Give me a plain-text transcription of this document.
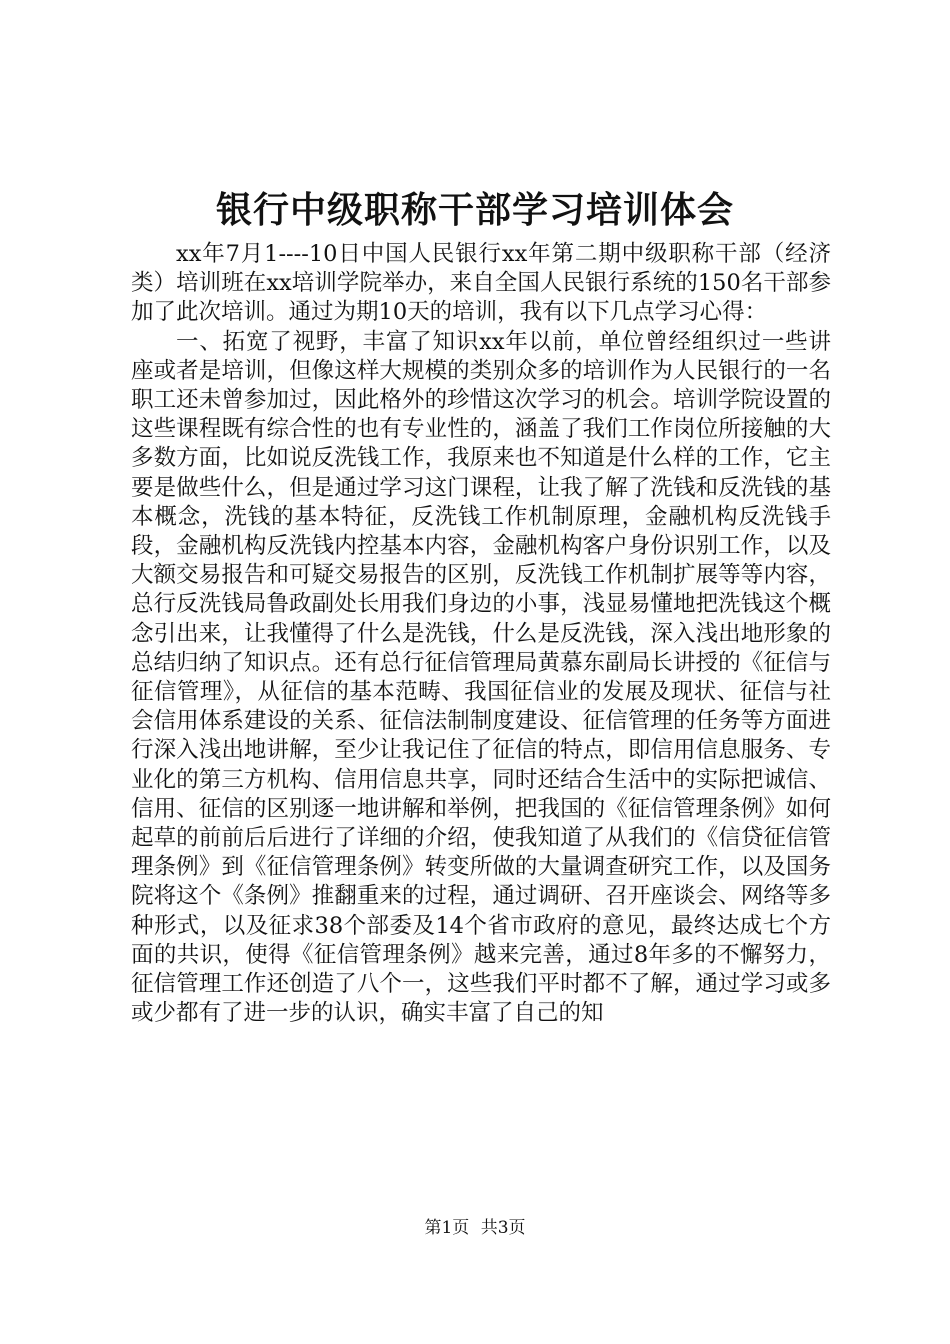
银行中级职称干部学习培训体会

xx年7月1----10日中国人民银行xx年第二期中级职称干部（经济类）培训班在xx培训学院举办，来自全国人民银行系统的150名干部参加了此次培训。通过为期10天的培训，我有以下几点学习心得：

一、拓宽了视野，丰富了知识xx年以前，单位曾经组织过一些讲座或者是培训，但像这样大规模的类别众多的培训作为人民银行的一名职工还未曾参加过，因此格外的珍惜这次学习的机会。培训学院设置的这些课程既有综合性的也有专业性的，涵盖了我们工作岗位所接触的大多数方面，比如说反洗钱工作，我原来也不知道是什么样的工作，它主要是做些什么，但是通过学习这门课程，让我了解了洗钱和反洗钱的基本概念，洗钱的基本特征，反洗钱工作机制原理，金融机构反洗钱手段，金融机构反洗钱内控基本内容，金融机构客户身份识别工作，以及大额交易报告和可疑交易报告的区别，反洗钱工作机制扩展等等内容，总行反洗钱局鲁政副处长用我们身边的小事，浅显易懂地把洗钱这个概念引出来，让我懂得了什么是洗钱，什么是反洗钱，深入浅出地形象的总结归纳了知识点。还有总行征信管理局黄慕东副局长讲授的《征信与征信管理》，从征信的基本范畴、我国征信业的发展及现状、征信与社会信用体系建设的关系、征信法制制度建设、征信管理的任务等方面进行深入浅出地讲解，至少让我记住了征信的特点，即信用信息服务、专业化的第三方机构、信用信息共享，同时还结合生活中的实际把诚信、信用、征信的区别逐一地讲解和举例，把我国的《征信管理条例》如何起草的前前后后进行了详细的介绍，使我知道了从我们的《信贷征信管理条例》到《征信管理条例》转变所做的大量调查研究工作，以及国务院将这个《条例》推翻重来的过程，通过调研、召开座谈会、网络等多种形式，以及征求38个部委及14个省市政府的意见，最终达成七个方面的共识，使得《征信管理条例》越来完善，通过8年多的不懈努力，征信管理工作还创造了八个一，这些我们平时都不了解，通过学习或多或少都有了进一步的认识，确实丰富了自己的知

第1页 共3页
